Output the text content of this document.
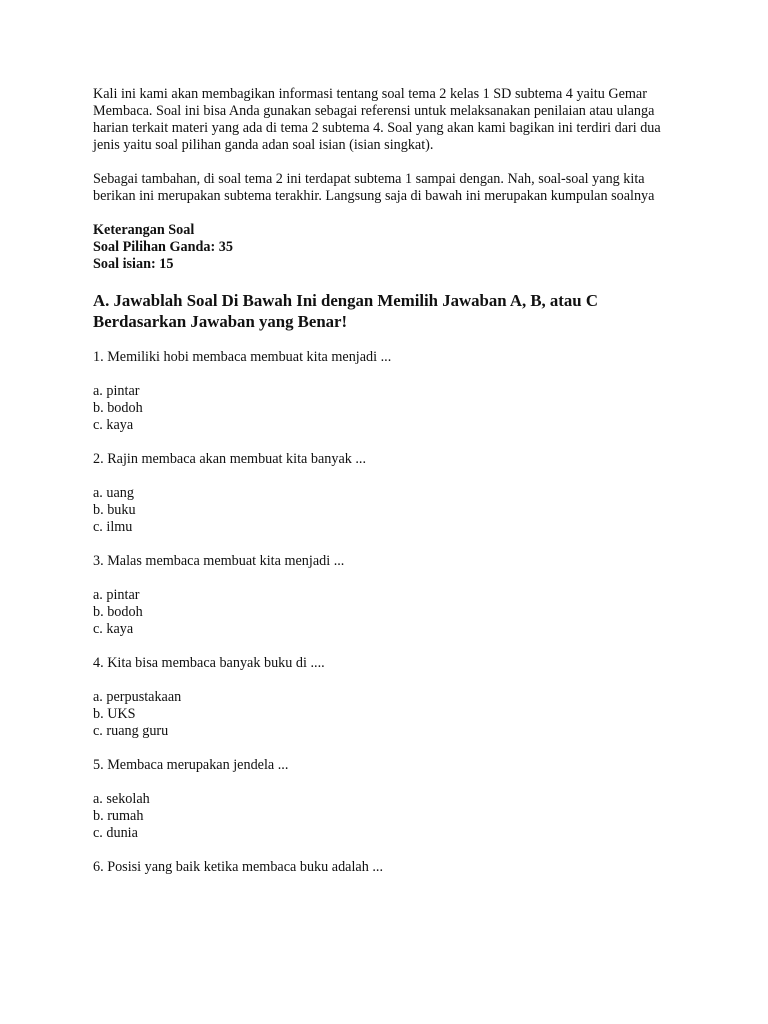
Kali ini kami akan membagikan informasi tentang soal tema 2 kelas 1 SD subtema 4 yaitu Gemar Membaca. Soal ini bisa Anda gunakan sebagai referensi untuk melaksanakan penilaian atau ulanga harian terkait materi yang ada di tema 2 subtema 4. Soal yang akan kami bagikan ini terdiri dari dua jenis yaitu soal pilihan ganda adan soal isian (isian singkat).

Sebagai tambahan, di soal tema 2 ini terdapat subtema 1 sampai dengan. Nah, soal-soal yang kita berikan ini merupakan subtema terakhir. Langsung saja di bawah ini merupakan kumpulan soalnya

Keterangan Soal
Soal Pilihan Ganda: 35
Soal isian: 15
A. Jawablah Soal Di Bawah Ini dengan Memilih Jawaban A, B, atau C Berdasarkan Jawaban yang Benar!

1. Memiliki hobi membaca membuat kita menjadi ...

a. pintar
b. bodoh
c. kaya

2. Rajin membaca akan membuat kita banyak ...

a. uang
b. buku
c. ilmu

3. Malas membaca membuat kita menjadi ...

a. pintar
b. bodoh
c. kaya

4. Kita bisa membaca banyak buku di ....

a. perpustakaan
b. UKS
c. ruang guru

5. Membaca merupakan jendela ...

a. sekolah
b. rumah
c. dunia

6. Posisi yang baik ketika membaca buku adalah ...
